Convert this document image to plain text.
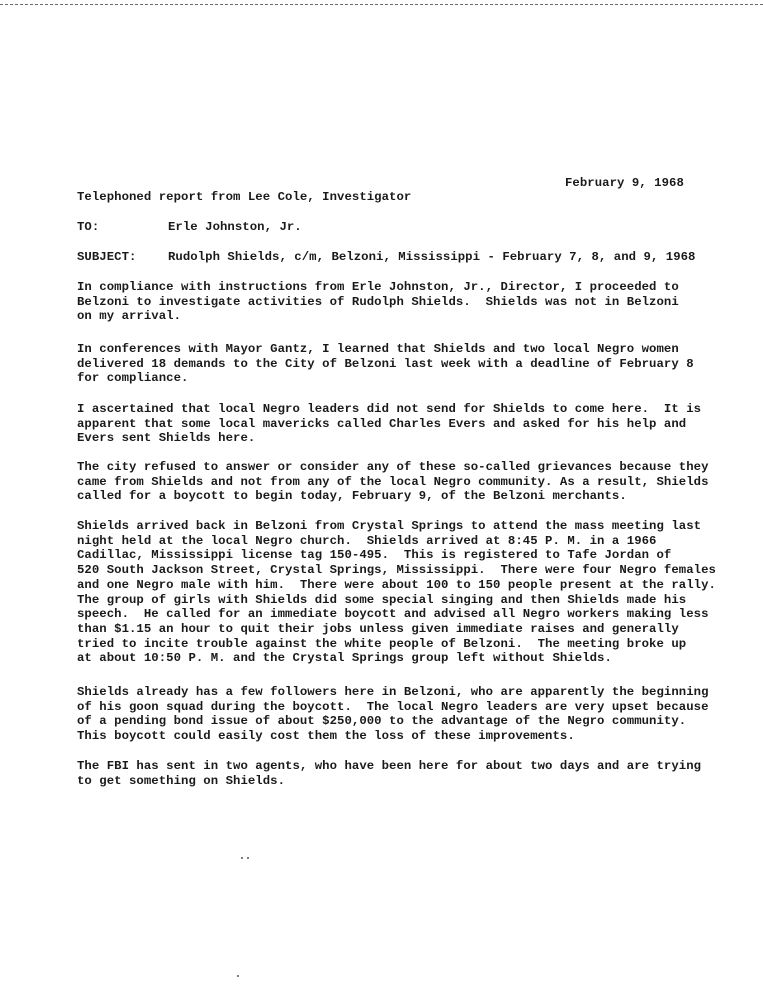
February 9, 1968
Telephoned report from Lee Cole, Investigator
TO:	Erle Johnston, Jr.
SUBJECT:	Rudolph Shields, c/m, Belzoni, Mississippi - February 7, 8, and 9, 1968
In compliance with instructions from Erle Johnston, Jr., Director, I proceeded to
Belzoni to investigate activities of Rudolph Shields.  Shields was not in Belzoni
on my arrival.
In conferences with Mayor Gantz, I learned that Shields and two local Negro women
delivered 18 demands to the City of Belzoni last week with a deadline of February 8
for compliance.
I ascertained that local Negro leaders did not send for Shields to come here.  It is
apparent that some local mavericks called Charles Evers and asked for his help and
Evers sent Shields here.
The city refused to answer or consider any of these so-called grievances because they
came from Shields and not from any of the local Negro community. As a result, Shields
called for a boycott to begin today, February 9, of the Belzoni merchants.
Shields arrived back in Belzoni from Crystal Springs to attend the mass meeting last
night held at the local Negro church.  Shields arrived at 8:45 P. M. in a 1966
Cadillac, Mississippi license tag 150-495.  This is registered to Tafe Jordan of
520 South Jackson Street, Crystal Springs, Mississippi.  There were four Negro females
and one Negro male with him.  There were about 100 to 150 people present at the rally.
The group of girls with Shields did some special singing and then Shields made his
speech.  He called for an immediate boycott and advised all Negro workers making less
than $1.15 an hour to quit their jobs unless given immediate raises and generally
tried to incite trouble against the white people of Belzoni.  The meeting broke up
at about 10:50 P. M. and the Crystal Springs group left without Shields.
Shields already has a few followers here in Belzoni, who are apparently the beginning
of his goon squad during the boycott.  The local Negro leaders are very upset because
of a pending bond issue of about $250,000 to the advantage of the Negro community.
This boycott could easily cost them the loss of these improvements.
The FBI has sent in two agents, who have been here for about two days and are trying
to get something on Shields.
